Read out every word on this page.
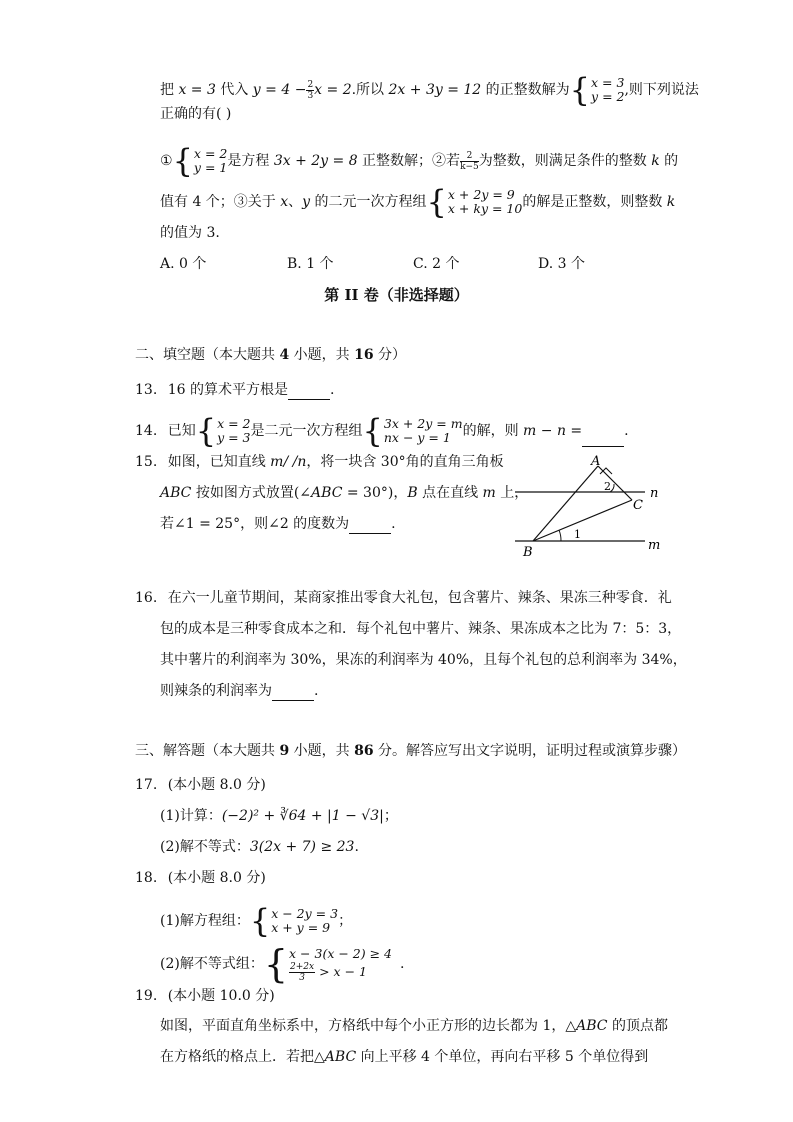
把 x = 3 代入 $y = 4 - \frac{2}{3}$ x = 2.所以 2x + 3y = 12 的正整数解为 { x = 3
y = 2 ,则下列说法
正确的有( )
① { x = 2
y = 1 是方程 3x + 2y = 8 正整数解；②若 $\frac{2}{k-5}$ 为整数，则满足条件的整数 k 的
值有 4 个；③关于 x、y 的二元一次方程组 { x + 2y = 9
x + ky = 10 的解是正整数，则整数 k
的值为 3.
A. 0 个	B. 1 个	C. 2 个	D. 3 个
第 II 卷（非选择题）
二、填空题（本大题共 4 小题，共 16 分）
13. 16 的算术平方根是	.
14. 已知 { x = 2
y = 3 是二元一次方程组 { 3x + 2y = m
nx − y = 1 的解，则 m − n =	.
15. 如图，已知直线 m/ /n，将一块含 30°角的直角三角板
ABC 按如图方式放置(∠ABC = 30°)，B 点在直线 m 上，
若∠1 = 25°，则∠2 的度数为	.
A
B
C
n
m
1
2
16. 在六一儿童节期间，某商家推出零食大礼包，包含薯片、辣条、果冻三种零食．礼
包的成本是三种零食成本之和．每个礼包中薯片、辣条、果冻成本之比为 7：5：3，
其中薯片的利润率为 30%，果冻的利润率为 40%，且每个礼包的总利润率为 34%，
则辣条的利润率为	.
三、解答题（本大题共 9 小题，共 86 分。解答应写出文字说明，证明过程或演算步骤）
17. (本小题 8.0 分)
(1)计算：(−2)² + ∛64 + |1 − √3|；
(2)解不等式：3(2x + 7) ≥ 23.
18. (本小题 8.0 分)
(1)解方程组： { x − 2y = 3
x + y = 9 ；
(2)解不等式组： { x − 3(x − 2) ≥ 4
$\frac{2+2x}{3} > x - 1$	.
19. (本小题 10.0 分)
如图，平面直角坐标系中，方格纸中每个小正方形的边长都为 1，△ABC 的顶点都
在方格纸的格点上．若把△ABC 向上平移 4 个单位，再向右平移 5 个单位得到
